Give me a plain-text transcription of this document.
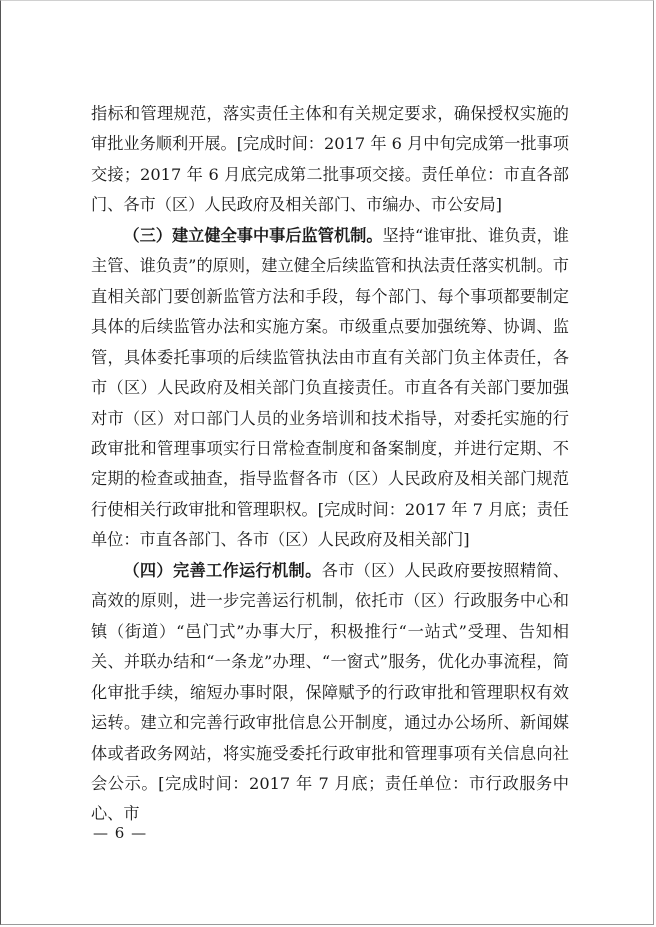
指标和管理规范，落实责任主体和有关规定要求，确保授权实施的审批业务顺利开展。[完成时间：2017 年 6 月中旬完成第一批事项交接；2017 年 6 月底完成第二批事项交接。责任单位：市直各部门、各市（区）人民政府及相关部门、市编办、市公安局]

（三）建立健全事中事后监管机制。坚持“谁审批、谁负责，谁主管、谁负责”的原则，建立健全后续监管和执法责任落实机制。市直相关部门要创新监管方法和手段，每个部门、每个事项都要制定具体的后续监管办法和实施方案。市级重点要加强统筹、协调、监管，具体委托事项的后续监管执法由市直有关部门负主体责任，各市（区）人民政府及相关部门负直接责任。市直各有关部门要加强对市（区）对口部门人员的业务培训和技术指导，对委托实施的行政审批和管理事项实行日常检查制度和备案制度，并进行定期、不定期的检查或抽查，指导监督各市（区）人民政府及相关部门规范行使相关行政审批和管理职权。[完成时间：2017 年 7 月底；责任单位：市直各部门、各市（区）人民政府及相关部门]

（四）完善工作运行机制。各市（区）人民政府要按照精简、高效的原则，进一步完善运行机制，依托市（区）行政服务中心和镇（街道）“邑门式”办事大厅，积极推行“一站式”受理、告知相关、并联办结和“一条龙”办理、“一窗式”服务，优化办事流程，简化审批手续，缩短办事时限，保障赋予的行政审批和管理职权有效运转。建立和完善行政审批信息公开制度，通过办公场所、新闻媒体或者政务网站，将实施受委托行政审批和管理事项有关信息向社会公示。[完成时间：2017 年 7 月底；责任单位：市行政服务中心、市

— 6 —
